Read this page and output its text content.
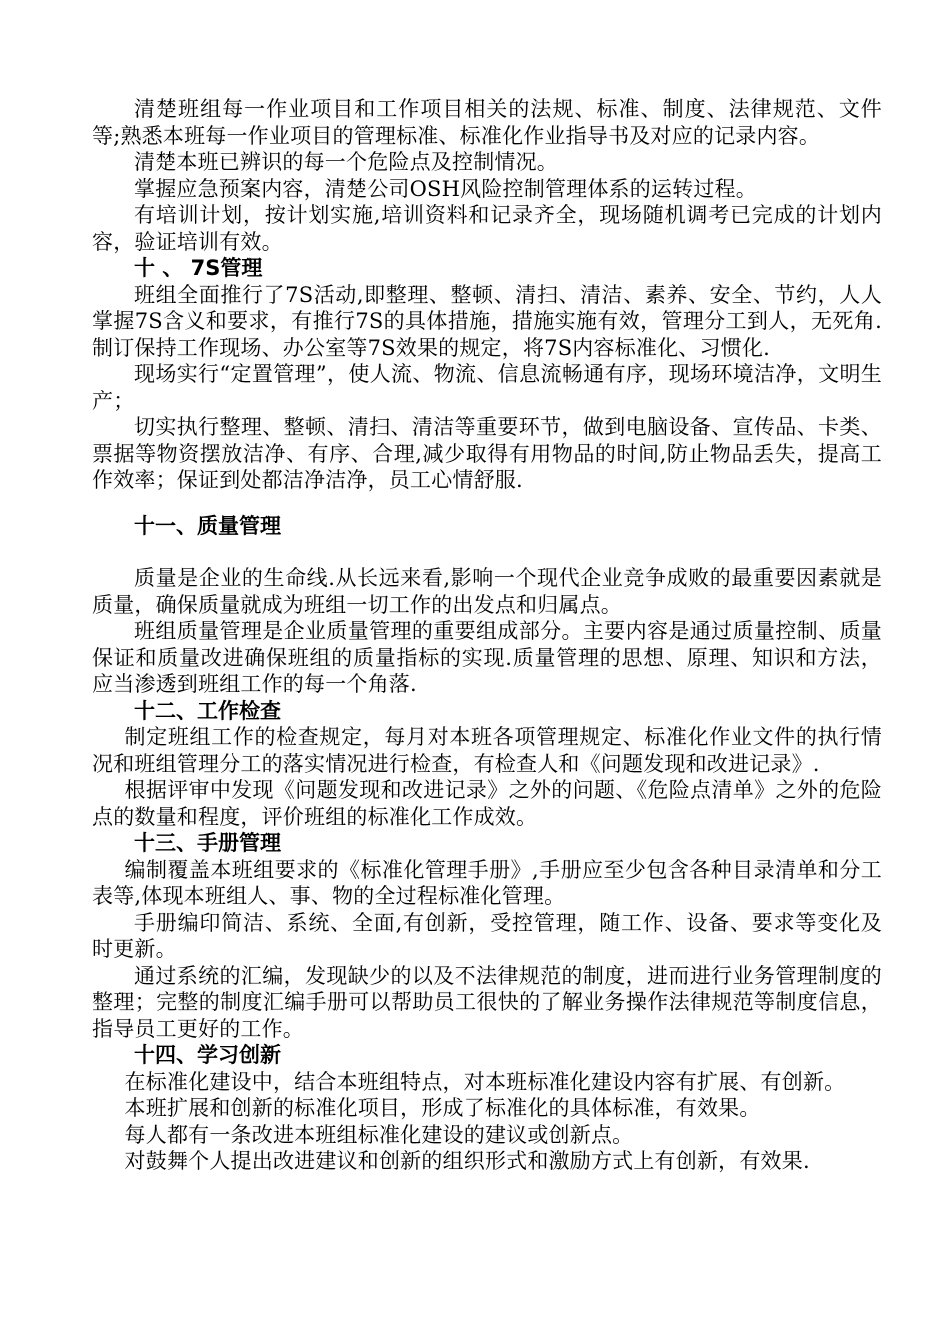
清楚班组每一作业项目和工作项目相关的法规、标准、制度、法律规范、文件等;熟悉本班每一作业项目的管理标准、标准化作业指导书及对应的记录内容。

清楚本班已辨识的每一个危险点及控制情况。

掌握应急预案内容，清楚公司OSH风险控制管理体系的运转过程。

有培训计划，按计划实施,培训资料和记录齐全，现场随机调考已完成的计划内容，验证培训有效。

十 、 7S管理

班组全面推行了7S活动,即整理、整顿、清扫、清洁、素养、安全、节约，人人掌握7S含义和要求，有推行7S的具体措施，措施实施有效，管理分工到人，无死角.制订保持工作现场、办公室等7S效果的规定，将7S内容标准化、习惯化.

现场实行“定置管理”，使人流、物流、信息流畅通有序，现场环境洁净，文明生产；

切实执行整理、整顿、清扫、清洁等重要环节，做到电脑设备、宣传品、卡类、票据等物资摆放洁净、有序、合理,减少取得有用物品的时间,防止物品丢失，提高工作效率；保证到处都洁净洁净，员工心情舒服.

十一、质量管理

质量是企业的生命线.从长远来看,影响一个现代企业竞争成败的最重要因素就是质量，确保质量就成为班组一切工作的出发点和归属点。

班组质量管理是企业质量管理的重要组成部分。主要内容是通过质量控制、质量保证和质量改进确保班组的质量指标的实现.质量管理的思想、原理、知识和方法，应当渗透到班组工作的每一个角落.

十二、工作检查

制定班组工作的检查规定，每月对本班各项管理规定、标准化作业文件的执行情况和班组管理分工的落实情况进行检查，有检查人和《问题发现和改进记录》.

根据评审中发现《问题发现和改进记录》之外的问题、《危险点清单》之外的危险点的数量和程度，评价班组的标准化工作成效。

十三、手册管理

编制覆盖本班组要求的《标准化管理手册》,手册应至少包含各种目录清单和分工表等,体现本班组人、事、物的全过程标准化管理。

手册编印简洁、系统、全面,有创新，受控管理，随工作、设备、要求等变化及时更新。

通过系统的汇编，发现缺少的以及不法律规范的制度，进而进行业务管理制度的整理；完整的制度汇编手册可以帮助员工很快的了解业务操作法律规范等制度信息，指导员工更好的工作。

十四、学习创新

在标准化建设中，结合本班组特点，对本班标准化建设内容有扩展、有创新。

本班扩展和创新的标准化项目，形成了标准化的具体标准，有效果。

每人都有一条改进本班组标准化建设的建议或创新点。

对鼓舞个人提出改进建议和创新的组织形式和激励方式上有创新，有效果.
